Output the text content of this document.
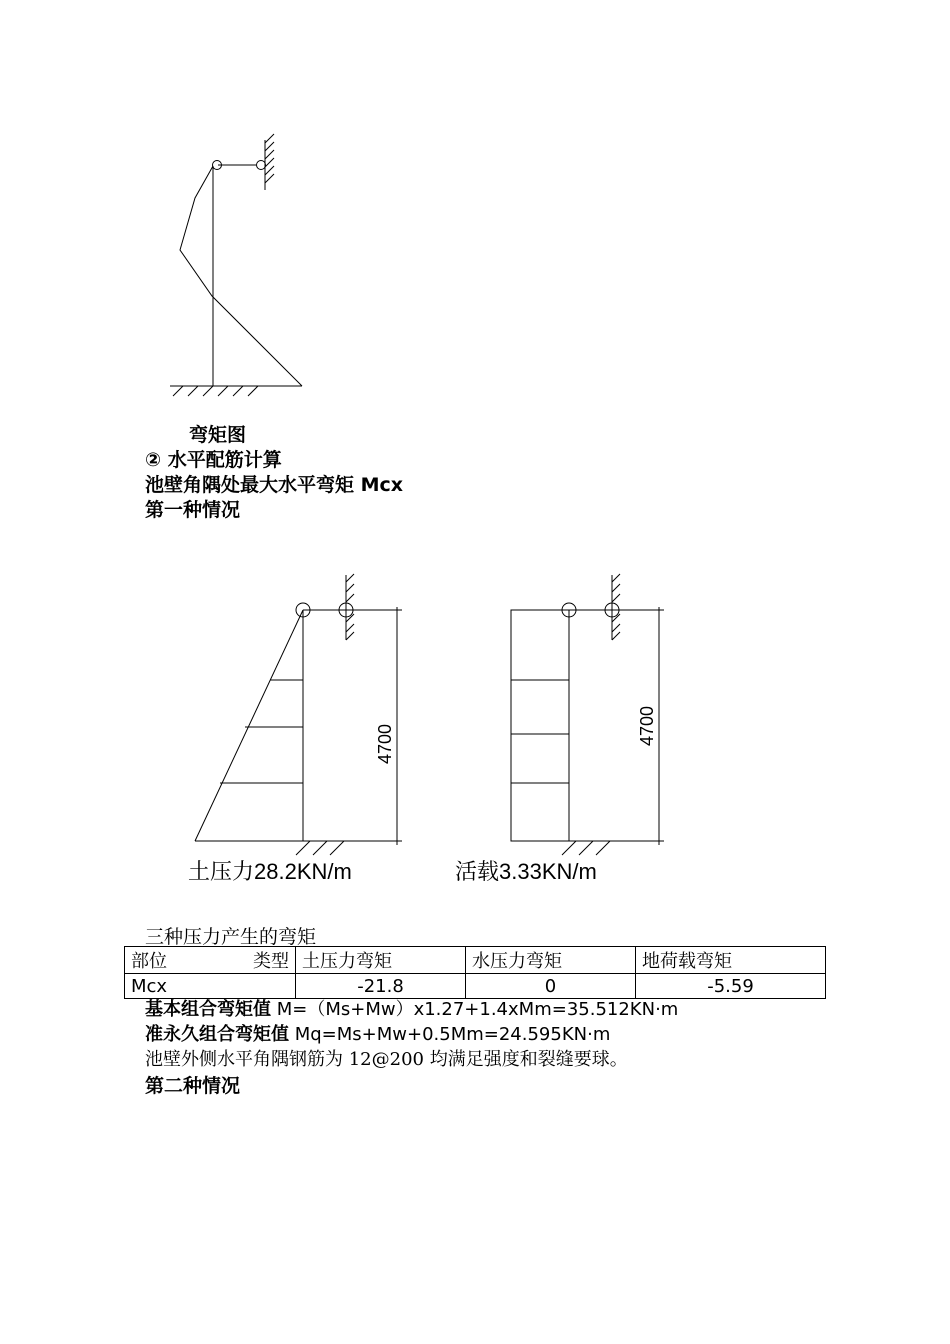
4700	4700
土压力28.2KN/m	活载3.33KN/m
弯矩图
② 水平配筋计算
池壁角隅处最大水平弯矩 Mcx
第一种情况
三种压力产生的弯矩
部位 类型	土压力弯矩	水压力弯矩	地荷载弯矩
Mcx	-21.8	0	-5.59
基本组合弯矩值 M=（Ms+Mw）x1.27+1.4xMm=35.512KN·m
准永久组合弯矩值 Mq=Ms+Mw+0.5Mm=24.595KN·m
池壁外侧水平角隅钢筋为 12@200 均满足强度和裂缝要球。
第二种情况
